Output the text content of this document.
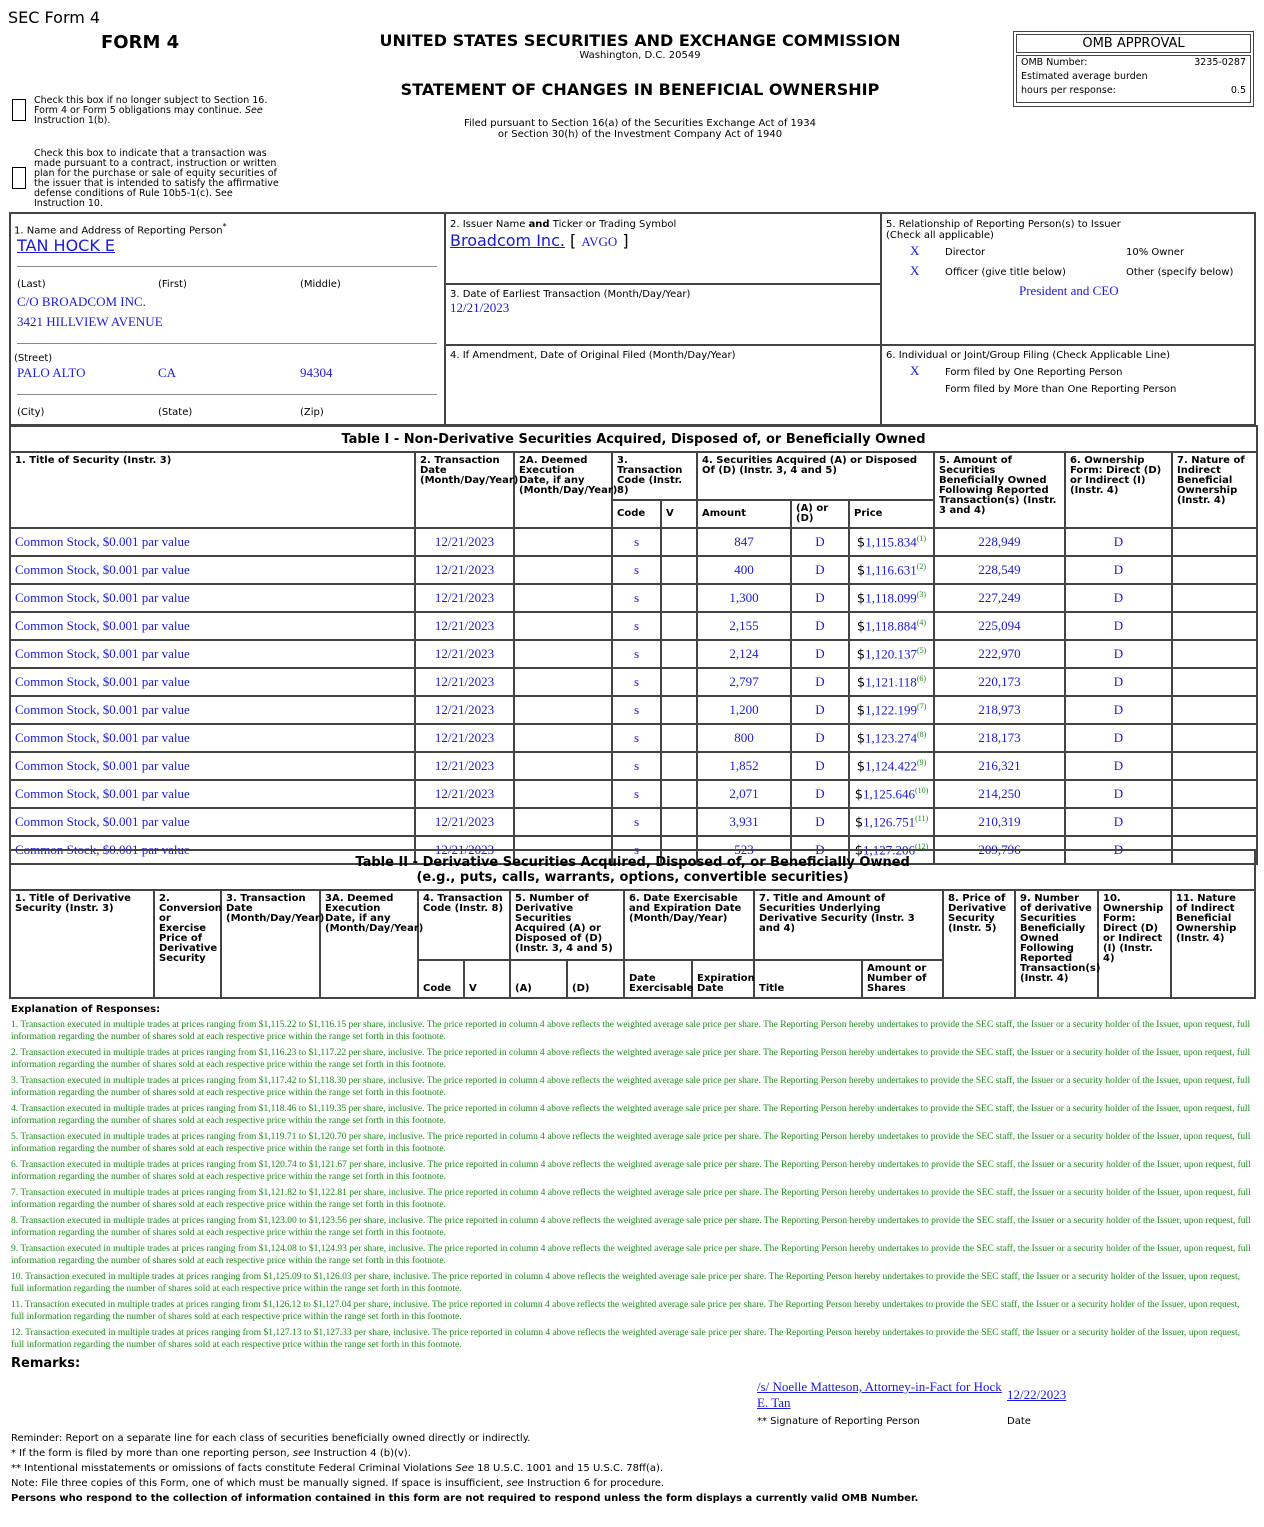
SEC Form 4
FORM 4	UNITED STATES SECURITIES AND EXCHANGE COMMISSION
Washington, D.C. 20549
STATEMENT OF CHANGES IN BENEFICIAL OWNERSHIP
Filed pursuant to Section 16(a) of the Securities Exchange Act of 1934
or Section 30(h) of the Investment Company Act of 1940
OMB APPROVAL
OMB Number:	3235-0287
Estimated average burden
hours per response:	0.5
Check this box if no longer subject to Section 16.
Form 4 or Form 5 obligations may continue. See
Instruction 1(b).
Check this box to indicate that a transaction was
made pursuant to a contract, instruction or written
plan for the purchase or sale of equity securities of
the issuer that is intended to satisfy the affirmative
defense conditions of Rule 10b5-1(c). See
Instruction 10.
1. Name and Address of Reporting Person*
TAN HOCK E
(Last)	(First)	(Middle)
C/O BROADCOM INC.
3421 HILLVIEW AVENUE
(Street)
PALO ALTO	CA	94304
(City)	(State)	(Zip)
2. Issuer Name and Ticker or Trading Symbol
Broadcom Inc. [ AVGO ]
3. Date of Earliest Transaction (Month/Day/Year)
12/21/2023
4. If Amendment, Date of Original Filed (Month/Day/Year)
5. Relationship of Reporting Person(s) to Issuer
(Check all applicable)
X	Director	10% Owner
X	Officer (give title below)	Other (specify below)
President and CEO
6. Individual or Joint/Group Filing (Check Applicable Line)
X	Form filed by One Reporting Person
Form filed by More than One Reporting Person
Table I - Non-Derivative Securities Acquired, Disposed of, or Beneficially Owned										
1. Title of Security (Instr. 3)	2. Transaction Date (Month/Day/Year)	2A. Deemed Execution Date, if any (Month/Day/Year)	3. Transaction Code (Instr. 8)		4. Securities Acquired (A) or Disposed Of (D) (Instr. 3, 4 and 5)			5. Amount of Securities Beneficially Owned Following Reported Transaction(s) (Instr. 3 and 4)	6. Ownership Form: Direct (D) or Indirect (I) (Instr. 4)	7. Nature of Indirect Beneficial Ownership (Instr. 4)
			Code	V	Amount	(A) or (D)	Price			
Common Stock, $0.001 par value	12/21/2023		s		847	D	$1,115.834$^{(1)}$	228,949	D	
Common Stock, $0.001 par value	12/21/2023		s		400	D	$1,116.631$^{(2)}$	228,549	D	
Common Stock, $0.001 par value	12/21/2023		s		1,300	D	$1,118.099$^{(3)}$	227,249	D	
Common Stock, $0.001 par value	12/21/2023		s		2,155	D	$1,118.884$^{(4)}$	225,094	D	
Common Stock, $0.001 par value	12/21/2023		s		2,124	D	$1,120.137$^{(5)}$	222,970	D	
Common Stock, $0.001 par value	12/21/2023		s		2,797	D	$1,121.118$^{(6)}$	220,173	D	
Common Stock, $0.001 par value	12/21/2023		s		1,200	D	$1,122.199$^{(7)}$	218,973	D	
Common Stock, $0.001 par value	12/21/2023		s		800	D	$1,123.274$^{(8)}$	218,173	D	
Common Stock, $0.001 par value	12/21/2023		s		1,852	D	$1,124.422$^{(9)}$	216,321	D	
Common Stock, $0.001 par value	12/21/2023		s		2,071	D	$1,125.646$^{(10)}$	214,250	D	
Common Stock, $0.001 par value	12/21/2023		s		3,931	D	$1,126.751$^{(11)}$	210,319	D	
Common Stock, $0.001 par value	12/21/2023		s		523	D	$1,127.206$^{(12)}$	209,796	D	
Table II - Derivative Securities Acquired, Disposed of, or Beneficially Owned
(e.g., puts, calls, warrants, options, convertible securities)															

1. Title of Derivative Security (Instr. 3)	2. Conversion or Exercise Price of Derivative Security	3. Transaction Date (Month/Day/Year)	3A. Deemed Execution Date, if any (Month/Day/Year)	4. Transaction Code (Instr. 8)		5. Number of Derivative Securities Acquired (A) or Disposed of (D) (Instr. 3, 4 and 5)		6. Date Exercisable and Expiration Date (Month/Day/Year)		7. Title and Amount of Securities Underlying Derivative Security (Instr. 3 and 4)		8. Price of Derivative Security (Instr. 5)	9. Number of derivative Securities Beneficially Owned Following Reported Transaction(s) (Instr. 4)	10. Ownership Form: Direct (D) or Indirect (I) (Instr. 4)	11. Nature of Indirect Beneficial Ownership (Instr. 4)
				Code	V	(A)	(D)	Date Exercisable	Expiration Date	Title	Amount or Number of Shares				
Explanation of Responses:
1. Transaction executed in multiple trades at prices ranging from $1,115.22 to $1,116.15 per share, inclusive. The price reported in column 4 above reflects the weighted average sale price per share. The Reporting Person hereby undertakes to provide the SEC staff, the Issuer or a security holder of the Issuer, upon request, full information regarding the number of shares sold at each respective price within the range set forth in this footnote.
2. Transaction executed in multiple trades at prices ranging from $1,116.23 to $1,117.22 per share, inclusive. The price reported in column 4 above reflects the weighted average sale price per share. The Reporting Person hereby undertakes to provide the SEC staff, the Issuer or a security holder of the Issuer, upon request, full information regarding the number of shares sold at each respective price within the range set forth in this footnote.
3. Transaction executed in multiple trades at prices ranging from $1,117.42 to $1,118.30 per share, inclusive. The price reported in column 4 above reflects the weighted average sale price per share. The Reporting Person hereby undertakes to provide the SEC staff, the Issuer or a security holder of the Issuer, upon request, full information regarding the number of shares sold at each respective price within the range set forth in this footnote.
4. Transaction executed in multiple trades at prices ranging from $1,118.46 to $1,119.35 per share, inclusive. The price reported in column 4 above reflects the weighted average sale price per share. The Reporting Person hereby undertakes to provide the SEC staff, the Issuer or a security holder of the Issuer, upon request, full information regarding the number of shares sold at each respective price within the range set forth in this footnote.
5. Transaction executed in multiple trades at prices ranging from $1,119.71 to $1,120.70 per share, inclusive. The price reported in column 4 above reflects the weighted average sale price per share. The Reporting Person hereby undertakes to provide the SEC staff, the Issuer or a security holder of the Issuer, upon request, full information regarding the number of shares sold at each respective price within the range set forth in this footnote.
6. Transaction executed in multiple trades at prices ranging from $1,120.74 to $1,121.67 per share, inclusive. The price reported in column 4 above reflects the weighted average sale price per share. The Reporting Person hereby undertakes to provide the SEC staff, the Issuer or a security holder of the Issuer, upon request, full information regarding the number of shares sold at each respective price within the range set forth in this footnote.
7. Transaction executed in multiple trades at prices ranging from $1,121.82 to $1,122.81 per share, inclusive. The price reported in column 4 above reflects the weighted average sale price per share. The Reporting Person hereby undertakes to provide the SEC staff, the Issuer or a security holder of the Issuer, upon request, full information regarding the number of shares sold at each respective price within the range set forth in this footnote.
8. Transaction executed in multiple trades at prices ranging from $1,123.00 to $1,123.56 per share, inclusive. The price reported in column 4 above reflects the weighted average sale price per share. The Reporting Person hereby undertakes to provide the SEC staff, the Issuer or a security holder of the Issuer, upon request, full information regarding the number of shares sold at each respective price within the range set forth in this footnote.
9. Transaction executed in multiple trades at prices ranging from $1,124.08 to $1,124.93 per share, inclusive. The price reported in column 4 above reflects the weighted average sale price per share. The Reporting Person hereby undertakes to provide the SEC staff, the Issuer or a security holder of the Issuer, upon request, full information regarding the number of shares sold at each respective price within the range set forth in this footnote.
10. Transaction executed in multiple trades at prices ranging from $1,125.09 to $1,126.03 per share, inclusive. The price reported in column 4 above reflects the weighted average sale price per share. The Reporting Person hereby undertakes to provide the SEC staff, the Issuer or a security holder of the Issuer, upon request, full information regarding the number of shares sold at each respective price within the range set forth in this footnote.
11. Transaction executed in multiple trades at prices ranging from $1,126.12 to $1,127.04 per share, inclusive. The price reported in column 4 above reflects the weighted average sale price per share. The Reporting Person hereby undertakes to provide the SEC staff, the Issuer or a security holder of the Issuer, upon request, full information regarding the number of shares sold at each respective price within the range set forth in this footnote.
12. Transaction executed in multiple trades at prices ranging from $1,127.13 to $1,127.33 per share, inclusive. The price reported in column 4 above reflects the weighted average sale price per share. The Reporting Person hereby undertakes to provide the SEC staff, the Issuer or a security holder of the Issuer, upon request, full information regarding the number of shares sold at each respective price within the range set forth in this footnote.
Remarks:
/s/ Noelle Matteson, Attorney-in-Fact for Hock E. Tan
12/22/2023
** Signature of Reporting Person	Date
Reminder: Report on a separate line for each class of securities beneficially owned directly or indirectly.
* If the form is filed by more than one reporting person, see Instruction 4 (b)(v).
** Intentional misstatements or omissions of facts constitute Federal Criminal Violations See 18 U.S.C. 1001 and 15 U.S.C. 78ff(a).
Note: File three copies of this Form, one of which must be manually signed. If space is insufficient, see Instruction 6 for procedure.
Persons who respond to the collection of information contained in this form are not required to respond unless the form displays a currently valid OMB Number.
